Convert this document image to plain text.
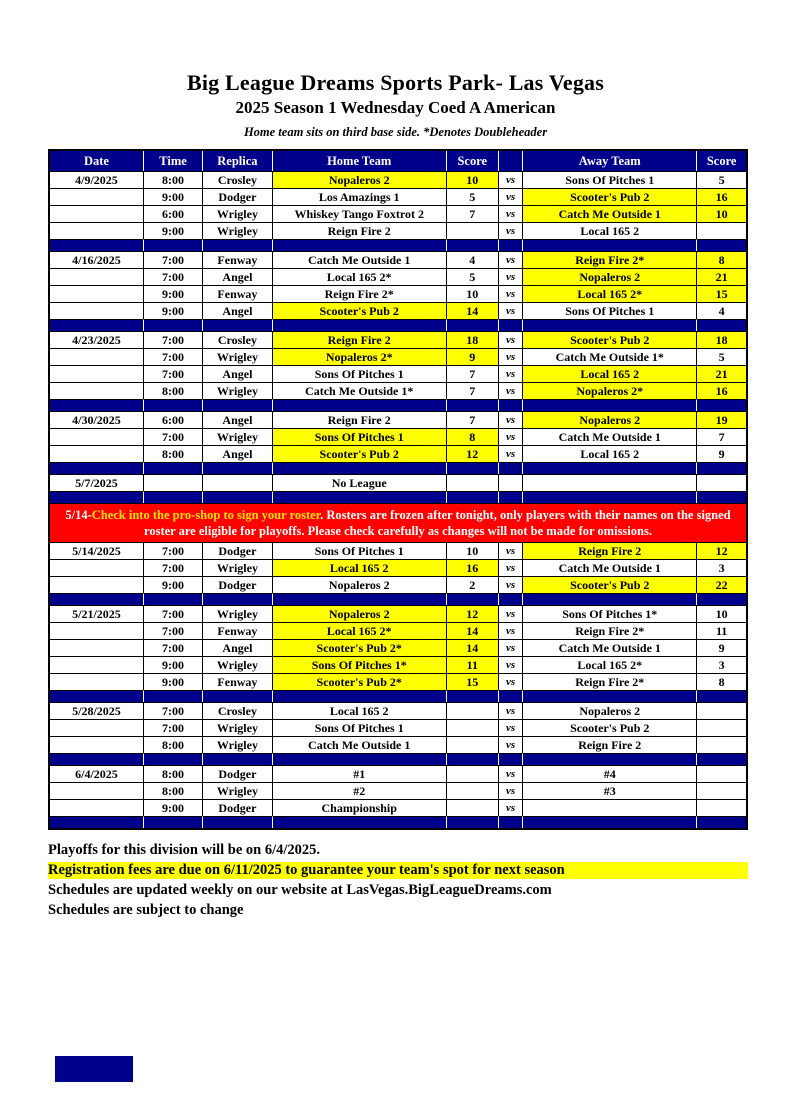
Big League Dreams Sports Park- Las Vegas
2025 Season 1 Wednesday Coed A American
Home team sits on third base side. *Denotes Doubleheader
Date	Time	Replica	Home Team	Score		Away Team	Score
4/9/2025	8:00	Crosley	Nopaleros 2	10	vs	Sons Of Pitches 1	5
	9:00	Dodger	Los Amazings 1	5	vs	Scooter's Pub 2	16
	6:00	Wrigley	Whiskey Tango Foxtrot 2	7	vs	Catch Me Outside 1	10
	9:00	Wrigley	Reign Fire 2		vs	Local 165 2	

4/16/2025	7:00	Fenway	Catch Me Outside 1	4	vs	Reign Fire 2*	8
	7:00	Angel	Local 165 2*	5	vs	Nopaleros 2	21
	9:00	Fenway	Reign Fire 2*	10	vs	Local 165 2*	15
	9:00	Angel	Scooter's Pub 2	14	vs	Sons Of Pitches 1	4

4/23/2025	7:00	Crosley	Reign Fire 2	18	vs	Scooter's Pub 2	18
	7:00	Wrigley	Nopaleros 2*	9	vs	Catch Me Outside 1*	5
	7:00	Angel	Sons Of Pitches 1	7	vs	Local 165 2	21
	8:00	Wrigley	Catch Me Outside 1*	7	vs	Nopaleros 2*	16

4/30/2025	6:00	Angel	Reign Fire 2	7	vs	Nopaleros 2	19
	7:00	Wrigley	Sons Of Pitches 1	8	vs	Catch Me Outside 1	7
	8:00	Angel	Scooter's Pub 2	12	vs	Local 165 2	9

5/7/2025			No League				

5/14-Check into the pro-shop to sign your roster. Rosters are frozen after tonight, only players with their names on the signed roster are eligible for playoffs. Please check carefully as changes will not be made for omissions.							
5/14/2025	7:00	Dodger	Sons Of Pitches 1	10	vs	Reign Fire 2	12
	7:00	Wrigley	Local 165 2	16	vs	Catch Me Outside 1	3
	9:00	Dodger	Nopaleros 2	2	vs	Scooter's Pub 2	22

5/21/2025	7:00	Wrigley	Nopaleros 2	12	vs	Sons Of Pitches 1*	10
	7:00	Fenway	Local 165 2*	14	vs	Reign Fire 2*	11
	7:00	Angel	Scooter's Pub 2*	14	vs	Catch Me Outside 1	9
	9:00	Wrigley	Sons Of Pitches 1*	11	vs	Local 165 2*	3
	9:00	Fenway	Scooter's Pub 2*	15	vs	Reign Fire 2*	8

5/28/2025	7:00	Crosley	Local 165 2		vs	Nopaleros 2	
	7:00	Wrigley	Sons Of Pitches 1		vs	Scooter's Pub 2	
	8:00	Wrigley	Catch Me Outside 1		vs	Reign Fire 2	

6/4/2025	8:00	Dodger	#1		vs	#4	
	8:00	Wrigley	#2		vs	#3	
	9:00	Dodger	Championship		vs		

Playoffs for this division will be on 6/4/2025.
Registration fees are due on 6/11/2025 to guarantee your team's spot for next season
Schedules are updated weekly on our website at LasVegas.BigLeagueDreams.com
Schedules are subject to change
